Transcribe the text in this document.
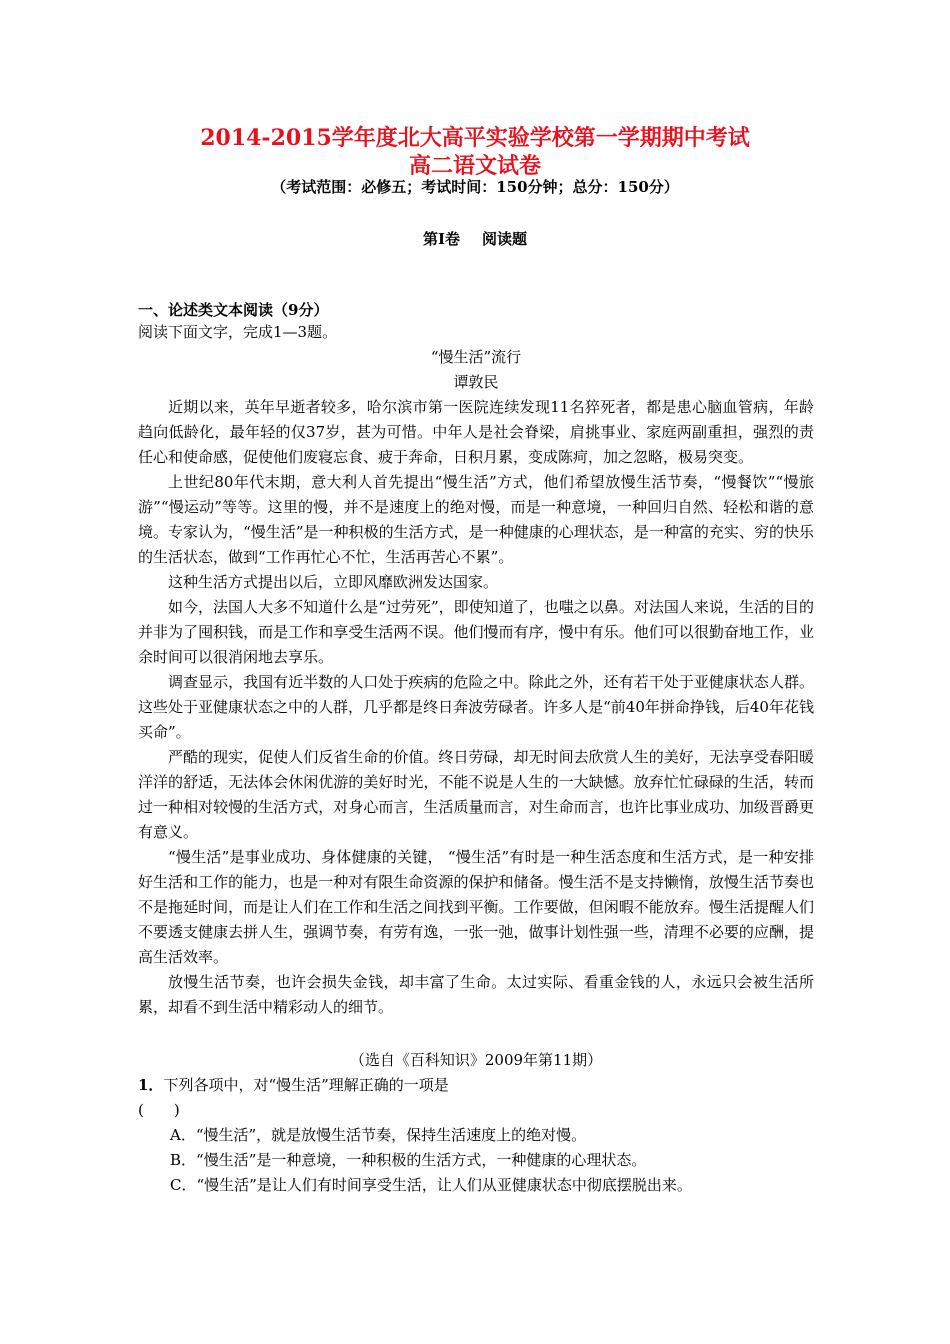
2014-2015学年度北大高平实验学校第一学期期中考试
高二语文试卷
（考试范围：必修五；考试时间：150分钟；总分：150分）
第Ⅰ卷 阅读题
一、论述类文本阅读（9分）

阅读下面文字，完成1—3题。

“慢生活”流行

谭敦民

近期以来，英年早逝者较多，哈尔滨市第一医院连续发现11名猝死者，都是患心脑血管病，年龄趋向低龄化，最年轻的仅37岁，甚为可惜。中年人是社会脊梁，肩挑事业、家庭两副重担，强烈的责任心和使命感，促使他们废寝忘食、疲于奔命，日积月累，变成陈疴，加之忽略，极易突变。

上世纪80年代末期，意大利人首先提出“慢生活”方式，他们希望放慢生活节奏，“慢餐饮”“慢旅游”“慢运动”等等。这里的慢，并不是速度上的绝对慢，而是一种意境，一种回归自然、轻松和谐的意境。专家认为，“慢生活”是一种积极的生活方式，是一种健康的心理状态，是一种富的充实、穷的快乐的生活状态，做到“工作再忙心不忙，生活再苦心不累”。

这种生活方式提出以后，立即风靡欧洲发达国家。

如今，法国人大多不知道什么是“过劳死”，即使知道了，也嗤之以鼻。对法国人来说，生活的目的并非为了囤积钱，而是工作和享受生活两不误。他们慢而有序，慢中有乐。他们可以很勤奋地工作，业余时间可以很消闲地去享乐。

调查显示，我国有近半数的人口处于疾病的危险之中。除此之外，还有若干处于亚健康状态人群。这些处于亚健康状态之中的人群，几乎都是终日奔波劳碌者。许多人是“前40年拼命挣钱，后40年花钱买命”。

严酷的现实，促使人们反省生命的价值。终日劳碌，却无时间去欣赏人生的美好，无法享受春阳暖洋洋的舒适，无法体会休闲优游的美好时光，不能不说是人生的一大缺憾。放弃忙忙碌碌的生活，转而过一种相对较慢的生活方式，对身心而言，生活质量而言，对生命而言，也许比事业成功、加级晋爵更有意义。

“慢生活”是事业成功、身体健康的关键， “慢生活”有时是一种生活态度和生活方式，是一种安排好生活和工作的能力，也是一种对有限生命资源的保护和储备。慢生活不是支持懒惰，放慢生活节奏也不是拖延时间，而是让人们在工作和生活之间找到平衡。工作要做，但闲暇不能放弃。慢生活提醒人们不要透支健康去拼人生，强调节奏，有劳有逸，一张一弛，做事计划性强一些，清理不必要的应酬，提高生活效率。

放慢生活节奏，也许会损失金钱，却丰富了生命。太过实际、看重金钱的人，永远只会被生活所累，却看不到生活中精彩动人的细节。

（选自《百科知识》2009年第11期）

1．下列各项中，对“慢生活”理解正确的一项是

(　　)

A．“慢生活”，就是放慢生活节奏，保持生活速度上的绝对慢。

B．“慢生活”是一种意境，一种积极的生活方式，一种健康的心理状态。

C．“慢生活”是让人们有时间享受生活，让人们从亚健康状态中彻底摆脱出来。
